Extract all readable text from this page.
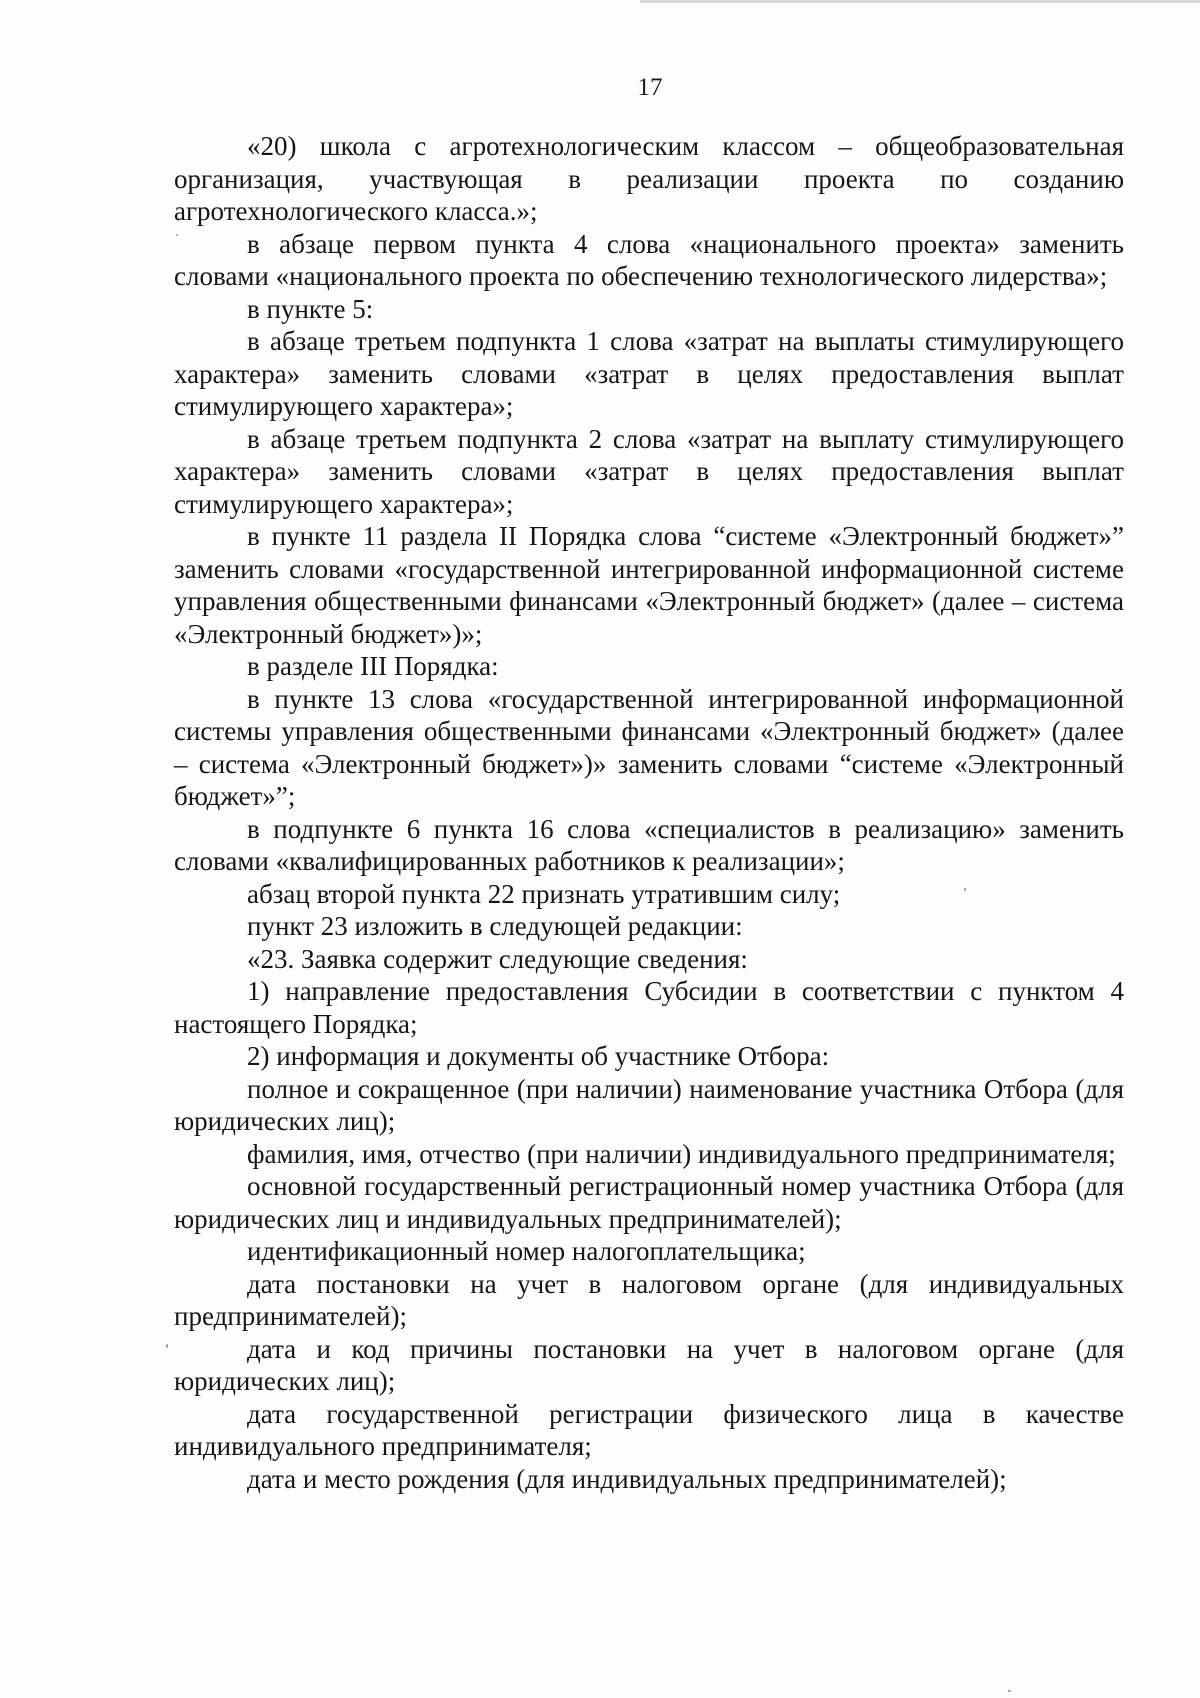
17

«20) школа с агротехнологическим классом – общеобразовательная организация, участвующая в реализации проекта по созданию агротехнологического класса.»;

в абзаце первом пункта 4 слова «национального проекта» заменить словами «национального проекта по обеспечению технологического лидерства»;

в пункте 5:

в абзаце третьем подпункта 1 слова «затрат на выплаты стимулирующего характера» заменить словами «затрат в целях предоставления выплат стимулирующего характера»;

в абзаце третьем подпункта 2 слова «затрат на выплату стимулирующего характера» заменить словами «затрат в целях предоставления выплат стимулирующего характера»;

в пункте 11 раздела II Порядка слова “системе «Электронный бюджет»” заменить словами «государственной интегрированной информационной системе управления общественными финансами «Электронный бюджет» (далее – система «Электронный бюджет»)»;

в разделе III Порядка:

в пункте 13 слова «государственной интегрированной информационной системы управления общественными финансами «Электронный бюджет» (далее – система «Электронный бюджет»)» заменить словами “системе «Электронный бюджет»”;

в подпункте 6 пункта 16 слова «специалистов в реализацию» заменить словами «квалифицированных работников к реализации»;

абзац второй пункта 22 признать утратившим силу;

пункт 23 изложить в следующей редакции:

«23. Заявка содержит следующие сведения:

1) направление предоставления Субсидии в соответствии с пунктом 4 настоящего Порядка;

2) информация и документы об участнике Отбора:

полное и сокращенное (при наличии) наименование участника Отбора (для юридических лиц);

фамилия, имя, отчество (при наличии) индивидуального предпринимателя;

основной государственный регистрационный номер участника Отбора (для юридических лиц и индивидуальных предпринимателей);

идентификационный номер налогоплательщика;

дата постановки на учет в налоговом органе (для индивидуальных предпринимателей);

дата и код причины постановки на учет в налоговом органе (для юридических лиц);

дата государственной регистрации физического лица в качестве индивидуального предпринимателя;

дата и место рождения (для индивидуальных предпринимателей);
